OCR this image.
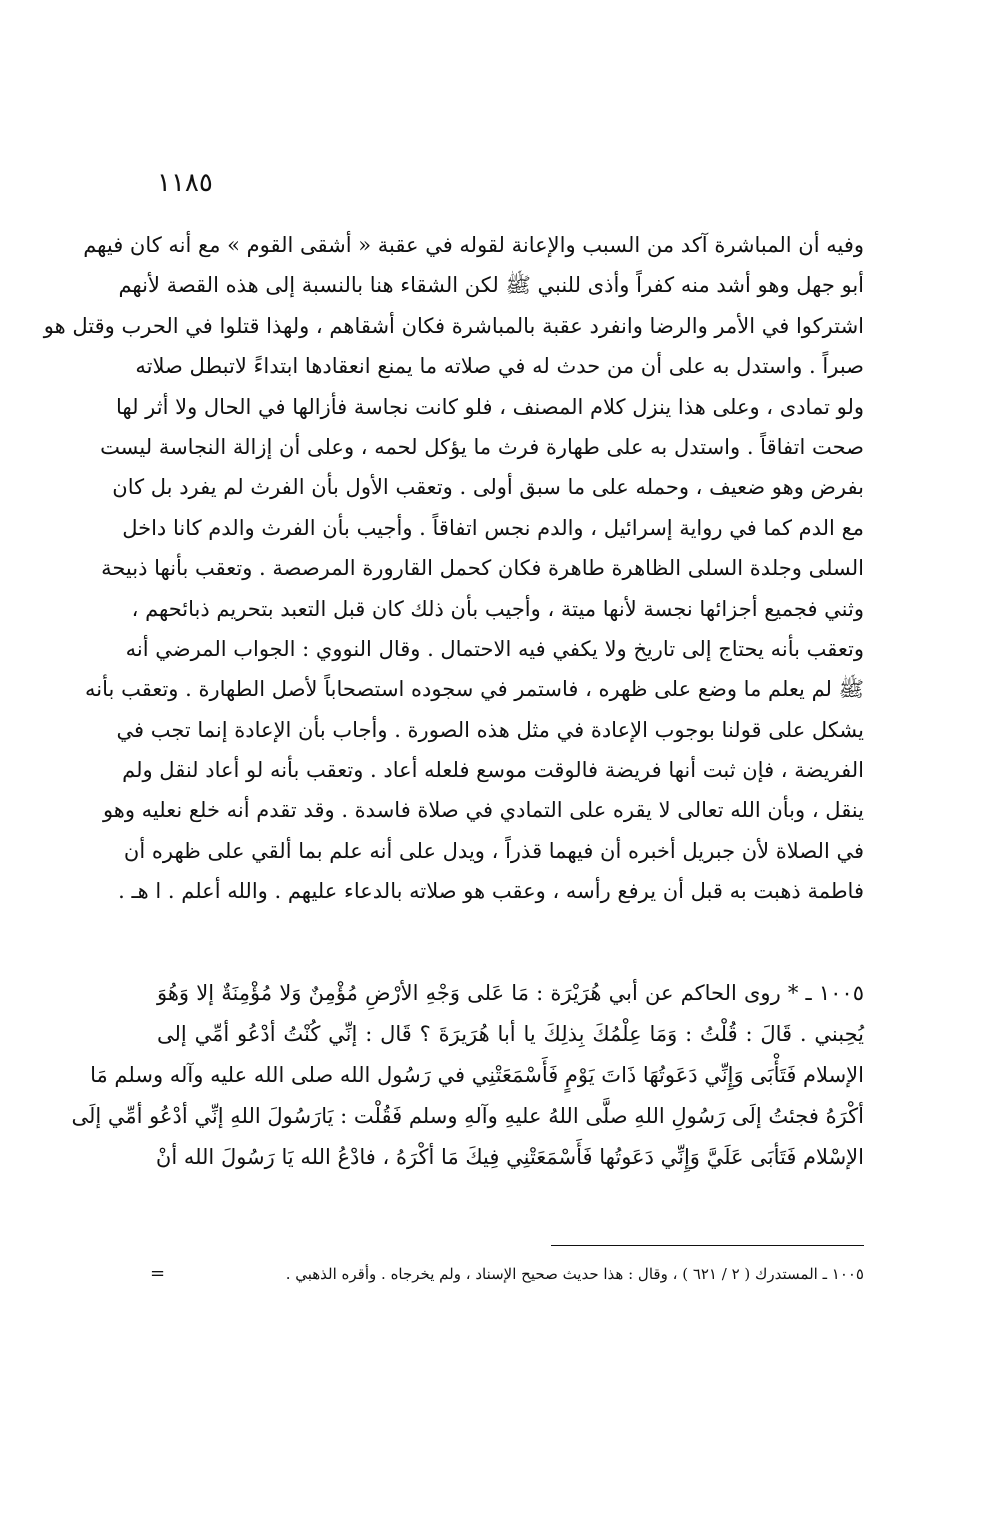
١١٨٥
وفيه أن المباشرة آكد من السبب والإعانة لقوله في عقبة « أشقى القوم » مع أنه كان فيهم
أبو جهل وهو أشد منه كفراً وأذى للنبي ﷺ لكن الشقاء هنا بالنسبة إلى هذه القصة لأنهم
اشتركوا في الأمر والرضا وانفرد عقبة بالمباشرة فكان أشقاهم ، ولهذا قتلوا في الحرب وقتل هو
صبراً . واستدل به على أن من حدث له في صلاته ما يمنع انعقادها ابتداءً لاتبطل صلاته
ولو تمادى ، وعلى هذا ينزل كلام المصنف ، فلو كانت نجاسة فأزالها في الحال ولا أثر لها
صحت اتفاقاً . واستدل به على طهارة فرث ما يؤكل لحمه ، وعلى أن إزالة النجاسة ليست
بفرض وهو ضعيف ، وحمله على ما سبق أولى . وتعقب الأول بأن الفرث لم يفرد بل كان
مع الدم كما في رواية إسرائيل ، والدم نجس اتفاقاً . وأجيب بأن الفرث والدم كانا داخل
السلى وجلدة السلى الظاهرة طاهرة فكان كحمل القارورة المرصصة . وتعقب بأنها ذبيحة
وثني فجميع أجزائها نجسة لأنها ميتة ، وأجيب بأن ذلك كان قبل التعبد بتحريم ذبائحهم ،
وتعقب بأنه يحتاج إلى تاريخ ولا يكفي فيه الاحتمال . وقال النووي : الجواب المرضي أنه
ﷺ لم يعلم ما وضع على ظهره ، فاستمر في سجوده استصحاباً لأصل الطهارة . وتعقب بأنه
يشكل على قولنا بوجوب الإعادة في مثل هذه الصورة . وأجاب بأن الإعادة إنما تجب في
الفريضة ، فإن ثبت أنها فريضة فالوقت موسع فلعله أعاد . وتعقب بأنه لو أعاد لنقل ولم
ينقل ، وبأن الله تعالى لا يقره على التمادي في صلاة فاسدة . وقد تقدم أنه خلع نعليه وهو
في الصلاة لأن جبريل أخبره أن فيهما قذراً ، ويدل على أنه علم بما ألقي على ظهره أن
فاطمة ذهبت به قبل أن يرفع رأسه ، وعقب هو صلاته بالدعاء عليهم . والله أعلم . ا هـ .
١٠٠٥ ـ * روى الحاكم عن أبي هُرَيْرَة : مَا عَلى وَجْهِ الأرْضِ مُؤْمِنٌ وَلا مُؤْمِنَةٌ إلا وَهُوَ
يُحِبني . قَالَ : قُلْتُ : وَمَا عِلْمُكَ بِذلِكَ يا أبا هُرَيرَةَ ؟ قَال : إنِّي كُنْتُ أدْعُو أمِّي إلى
الإسلام فَتَأْبَى وَإِنِّي دَعَوتُهَا ذَاتَ يَوْمٍ فَأَسْمَعَتْنِي في رَسُول الله صلى الله عليه وآله وسلم مَا
أكْرَهُ فجئتُ إلَى رَسُولِ اللهِ صلَّى اللهُ عليهِ وآلهِ وسلم فَقُلْت : يَارَسُولَ اللهِ إنِّي أدْعُو أمِّي إلَى
الإسْلام فَتَأبَى عَلَيَّ وَإِنِّي دَعَوتُها فَأَسْمَعَتْنِي فِيكَ مَا أكْرَهُ ، فادْعُ الله يَا رَسُولَ الله أنْ
١٠٠٥ ـ المستدرك ( ٢ / ٦٢١ ) ، وقال : هذا حديث صحيح الإسناد ، ولم يخرجاه . وأقره الذهبي .
=
